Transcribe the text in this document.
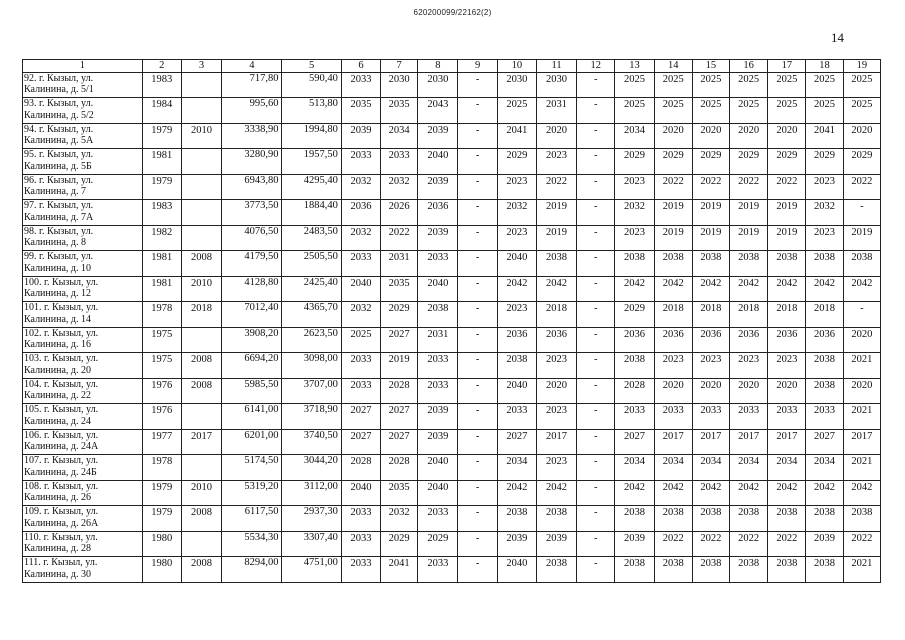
620200099/22162(2)
14
1	2	3	4	5	6	7	8	9	10	11	12	13	14	15	16	17	18	19
92. г. Кызыл, ул. Калинина, д. 5/1	1983		717,80	590,40	2033	2030	2030	-	2030	2030	-	2025	2025	2025	2025	2025	2025	2025
93. г. Кызыл, ул. Калинина, д. 5/2	1984		995,60	513,80	2035	2035	2043	-	2025	2031	-	2025	2025	2025	2025	2025	2025	2025
94. г. Кызыл, ул. Калинина, д. 5А	1979	2010	3338,90	1994,80	2039	2034	2039	-	2041	2020	-	2034	2020	2020	2020	2020	2041	2020
95. г. Кызыл, ул. Калинина, д. 5Б	1981		3280,90	1957,50	2033	2033	2040	-	2029	2023	-	2029	2029	2029	2029	2029	2029	2029
96. г. Кызыл, ул. Калинина, д. 7	1979		6943,80	4295,40	2032	2032	2039	-	2023	2022	-	2023	2022	2022	2022	2022	2023	2022
97. г. Кызыл, ул. Калинина, д. 7А	1983		3773,50	1884,40	2036	2026	2036	-	2032	2019	-	2032	2019	2019	2019	2019	2032	-
98. г. Кызыл, ул. Калинина, д. 8	1982		4076,50	2483,50	2032	2022	2039	-	2023	2019	-	2023	2019	2019	2019	2019	2023	2019
99. г. Кызыл, ул. Калинина, д. 10	1981	2008	4179,50	2505,50	2033	2031	2033	-	2040	2038	-	2038	2038	2038	2038	2038	2038	2038
100. г. Кызыл, ул. Калинина, д. 12	1981	2010	4128,80	2425,40	2040	2035	2040	-	2042	2042	-	2042	2042	2042	2042	2042	2042	2042
101. г. Кызыл, ул. Калинина, д. 14	1978	2018	7012,40	4365,70	2032	2029	2038	-	2023	2018	-	2029	2018	2018	2018	2018	2018	-
102. г. Кызыл, ул. Калинина, д. 16	1975		3908,20	2623,50	2025	2027	2031	-	2036	2036	-	2036	2036	2036	2036	2036	2036	2020
103. г. Кызыл, ул. Калинина, д. 20	1975	2008	6694,20	3098,00	2033	2019	2033	-	2038	2023	-	2038	2023	2023	2023	2023	2038	2021
104. г. Кызыл, ул. Калинина, д. 22	1976	2008	5985,50	3707,00	2033	2028	2033	-	2040	2020	-	2028	2020	2020	2020	2020	2038	2020
105. г. Кызыл, ул. Калинина, д. 24	1976		6141,00	3718,90	2027	2027	2039	-	2033	2023	-	2033	2033	2033	2033	2033	2033	2021
106. г. Кызыл, ул. Калинина, д. 24А	1977	2017	6201,00	3740,50	2027	2027	2039	-	2027	2017	-	2027	2017	2017	2017	2017	2027	2017
107. г. Кызыл, ул. Калинина, д. 24Б	1978		5174,50	3044,20	2028	2028	2040	-	2034	2023	-	2034	2034	2034	2034	2034	2034	2021
108. г. Кызыл, ул. Калинина, д. 26	1979	2010	5319,20	3112,00	2040	2035	2040	-	2042	2042	-	2042	2042	2042	2042	2042	2042	2042
109. г. Кызыл, ул. Калинина, д. 26А	1979	2008	6117,50	2937,30	2033	2032	2033	-	2038	2038	-	2038	2038	2038	2038	2038	2038	2038
110. г. Кызыл, ул. Калинина, д. 28	1980		5534,30	3307,40	2033	2029	2029	-	2039	2039	-	2039	2022	2022	2022	2022	2039	2022
111. г. Кызыл, ул. Калинина, д. 30	1980	2008	8294,00	4751,00	2033	2041	2033	-	2040	2038	-	2038	2038	2038	2038	2038	2038	2021
